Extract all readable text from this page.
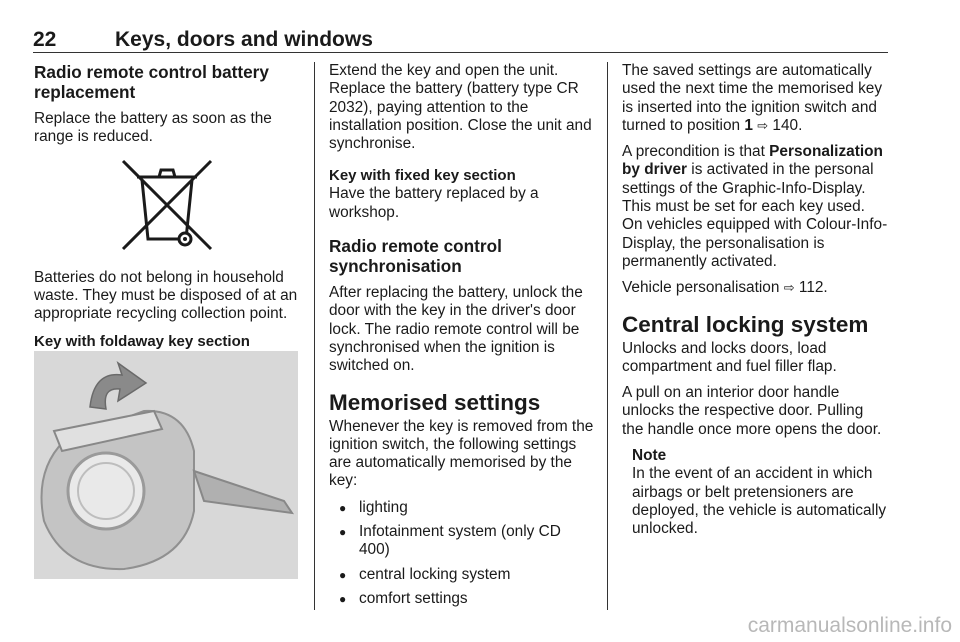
22	Keys, doors and windows
Radio remote control battery replacement

Replace the battery as soon as the range is reduced.

Batteries do not belong in household waste. They must be disposed of at an appropriate recycling collection point.

Key with foldaway key section

Extend the key and open the unit. Replace the battery (battery type CR 2032), paying attention to the installation position. Close the unit and synchronise.

Key with fixed key section

Have the battery replaced by a workshop.

Radio remote control synchronisation

After replacing the battery, unlock the door with the key in the driver's door lock. The radio remote control will be synchronised when the ignition is switched on.

Memorised settings

Whenever the key is removed from the ignition switch, the following settings are automatically memorised by the key:

● lighting
● Infotainment system (only CD 400)
● central locking system
● comfort settings

The saved settings are automatically used the next time the memorised key is inserted into the ignition switch and turned to position 1 ⇨ 140.

A precondition is that Personalization by driver is activated in the personal settings of the Graphic-Info-Display. This must be set for each key used. On vehicles equipped with Colour-Info-Display, the personalisation is permanently activated.

Vehicle personalisation ⇨ 112.

Central locking system

Unlocks and locks doors, load compartment and fuel filler flap.

A pull on an interior door handle unlocks the respective door. Pulling the handle once more opens the door.

Note
In the event of an accident in which airbags or belt pretensioners are deployed, the vehicle is automatically unlocked.
carmanualsonline.info
